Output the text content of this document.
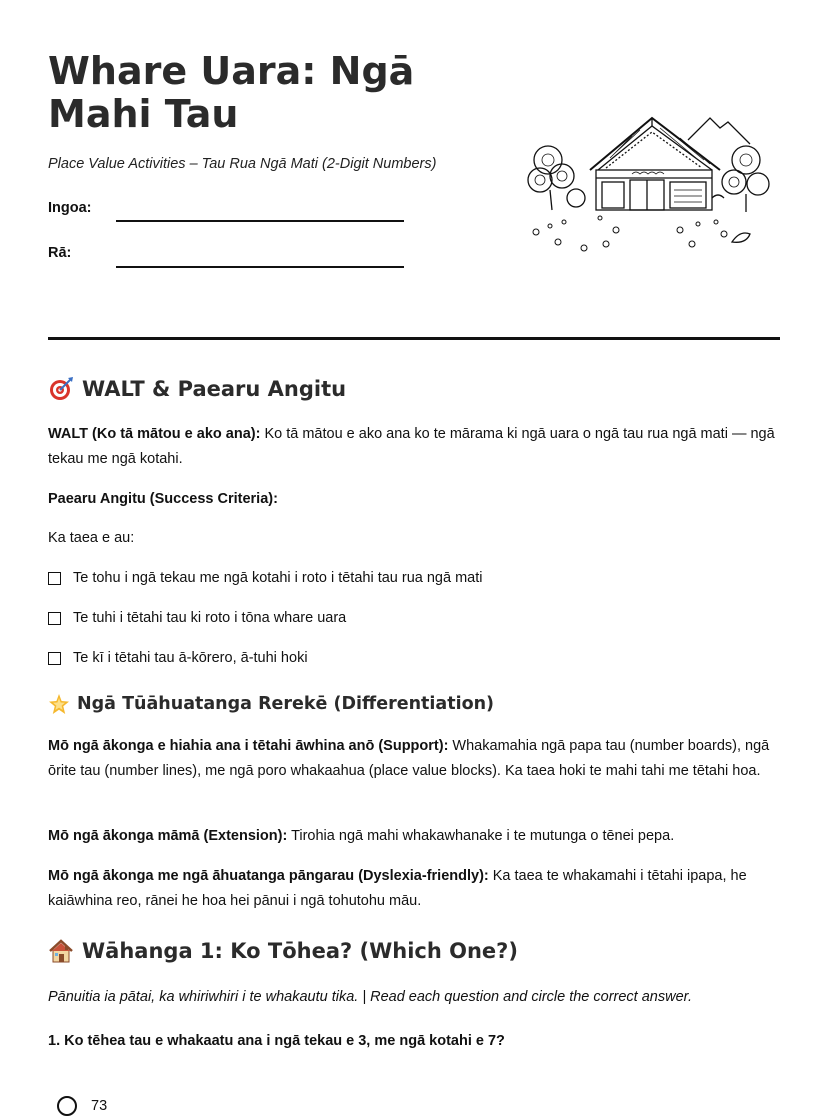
Whare Uara: Ngā Mahi Tau
Place Value Activities – Tau Rua Ngā Mati (2-Digit Numbers)
Ingoa:
Rā:
WALT & Paearu Angitu
WALT (Ko tā mātou e ako ana): Ko tā mātou e ako ana ko te mārama ki ngā uara o ngā tau rua ngā mati — ngā tekau me ngā kotahi.
Paearu Angitu (Success Criteria):
Ka taea e au:
Te tohu i ngā tekau me ngā kotahi i roto i tētahi tau rua ngā mati
Te tuhi i tētahi tau ki roto i tōna whare uara
Te kī i tētahi tau ā-kōrero, ā-tuhi hoki
Ngā Tūāhuatanga Rerekē (Differentiation)
Mō ngā ākonga e hiahia ana i tētahi āwhina anō (Support): Whakamahia ngā papa tau (number boards), ngā ōrite tau (number lines), me ngā poro whakaahua (place value blocks). Ka taea hoki te mahi tahi me tētahi hoa.
Mō ngā ākonga māmā (Extension): Tirohia ngā mahi whakawhanake i te mutunga o tēnei pepa.
Mō ngā ākonga me ngā āhuatanga pāngarau (Dyslexia-friendly): Ka taea te whakamahi i tētahi ipapa, he kaiāwhina reo, rānei he hoa hei pānui i ngā tohutohu māu.
Wāhanga 1: Ko Tōhea? (Which One?)
Pānuitia ia pātai, ka whiriwhiri i te whakautu tika. | Read each question and circle the correct answer.
1. Ko tēhea tau e whakaatu ana i ngā tekau e 3, me ngā kotahi e 7?
73
